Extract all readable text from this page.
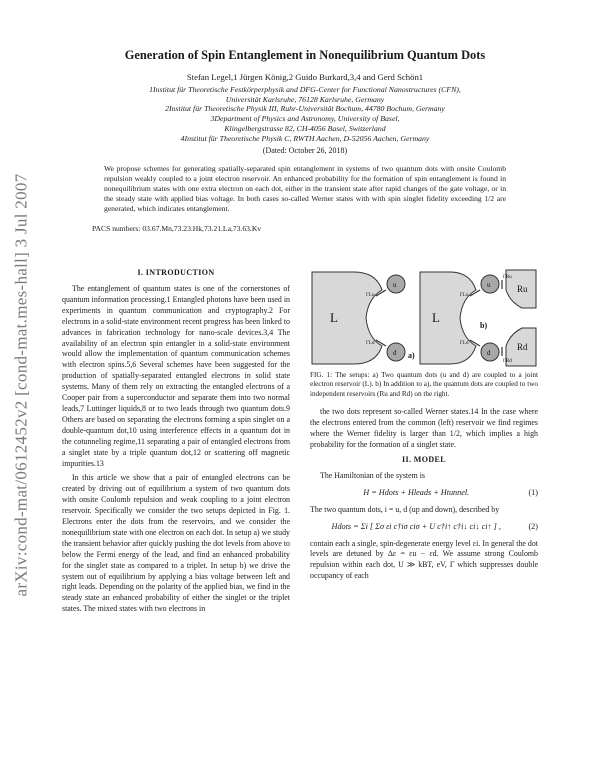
arXiv:cond-mat/0612452v2 [cond-mat.mes-hall] 3 Jul 2007
Generation of Spin Entanglement in Nonequilibrium Quantum Dots
Stefan Legel,1 Jürgen König,2 Guido Burkard,3,4 and Gerd Schön1
1Institut für Theoretische Festkörperphysik and DFG-Center for Functional Nanostructures (CFN),
Universität Karlsruhe, 76128 Karlsruhe, Germany
2Institut für Theoretische Physik III, Ruhr-Universität Bochum, 44780 Bochum, Germany
3Department of Physics and Astronomy, University of Basel,
Klingelbergstrasse 82, CH-4056 Basel, Switzerland
4Institut für Theoretische Physik C, RWTH Aachen, D-52056 Aachen, Germany
(Dated: October 26, 2018)
We propose schemes for generating spatially-separated spin entanglement in systems of two quantum dots with onsite Coulomb repulsion weakly coupled to a joint electron reservoir. An enhanced probability for the formation of spin entanglement is found in nonequilibrium states with one extra electron on each dot, either in the transient state after rapid changes of the gate voltage, or in the steady state with applied bias voltage. In both cases so-called Werner states with with spin singlet fidelity exceeding 1/2 are generated, which indicates entanglement.
PACS numbers: 03.67.Mn,73.23.Hk,73.21.La,73.63.Kv
I. INTRODUCTION

The entanglement of quantum states is one of the cornerstones of quantum information processing.1 Entangled photons have been used in experiments in quantum communication and cryptography.2 For electrons in a solid-state environment recent progress has been linked to advances in fabrication technology for nano-scale devices.3,4 The availability of an electron spin entangler in a solid-state environment would allow the implementation of quantum communication schemes with electron spins.5,6 Several schemes have been suggested for the production of spatially-separated entangled electrons in solid state systems. Many of them rely on extracting the entangled electrons of a Cooper pair from a superconductor and separate them into two normal leads,7 Luttinger liquids,8 or to two leads through two quantum dots.9 Others are based on separating the electrons forming a spin singlet on a double-quantum dot,10 using interference effects in a quantum dot in the cotunneling regime,11 separating a pair of entangled electrons from a singlet state by a triple quantum dot,12 or scattering off magnetic impurities.13

In this article we show that a pair of entangled electrons can be created by driving out of equilibrium a system of two quantum dots with onsite Coulomb repulsion and weak coupling to a joint electron reservoir. Specifically we consider the two setups depicted in Fig. 1. Electrons enter the dots from the reservoirs, and we consider the nonequilibrium state with one electron on each dot. In setup a) we study the transient behavior after quickly pushing the dot levels from above to below the Fermi energy of the lead, and find an enhanced probability for the singlet state as compared to a triplet. In setup b) we drive the system out of equilibrium by applying a bias voltage between left and right leads. Depending on the polarity of the applied bias, we find in the steady state an enhanced probability of either the singlet or the triplet states. The mixed states with two electrons in

L
u
d
ΓLu
ΓLd
a)
L
u
d
Ru
Rd
ΓLu
ΓLd
ΓRu
ΓRd
b)
FIG. 1: The setups: a) Two quantum dots (u and d) are coupled to a joint electron reservoir (L). b) In addition to a), the quantum dots are coupled to two independent reservoirs (Ru and Rd) on the right.

the two dots represent so-called Werner states.14 In the case where the electrons entered from the common (left) reservoir we find regimes where the Werner fidelity is larger than 1/2, which implies a high probability for the formation of a singlet state.

II. MODEL

The Hamiltonian of the system is

H = Hdots + Hleads + Htunnel.	(1)

The two quantum dots, i = u, d (up and down), described by

Hdots = Σi [ Σσ εi c†iσ ciσ + U c†i↑ c†i↓ ci↓ ci↑ ] ,	(2)

contain each a single, spin-degenerate energy level εi. In general the dot levels are detuned by Δε = εu − εd. We assume strong Coulomb repulsion within each dot, U ≫ kBT, eV, Γ which suppresses double occupancy of each
